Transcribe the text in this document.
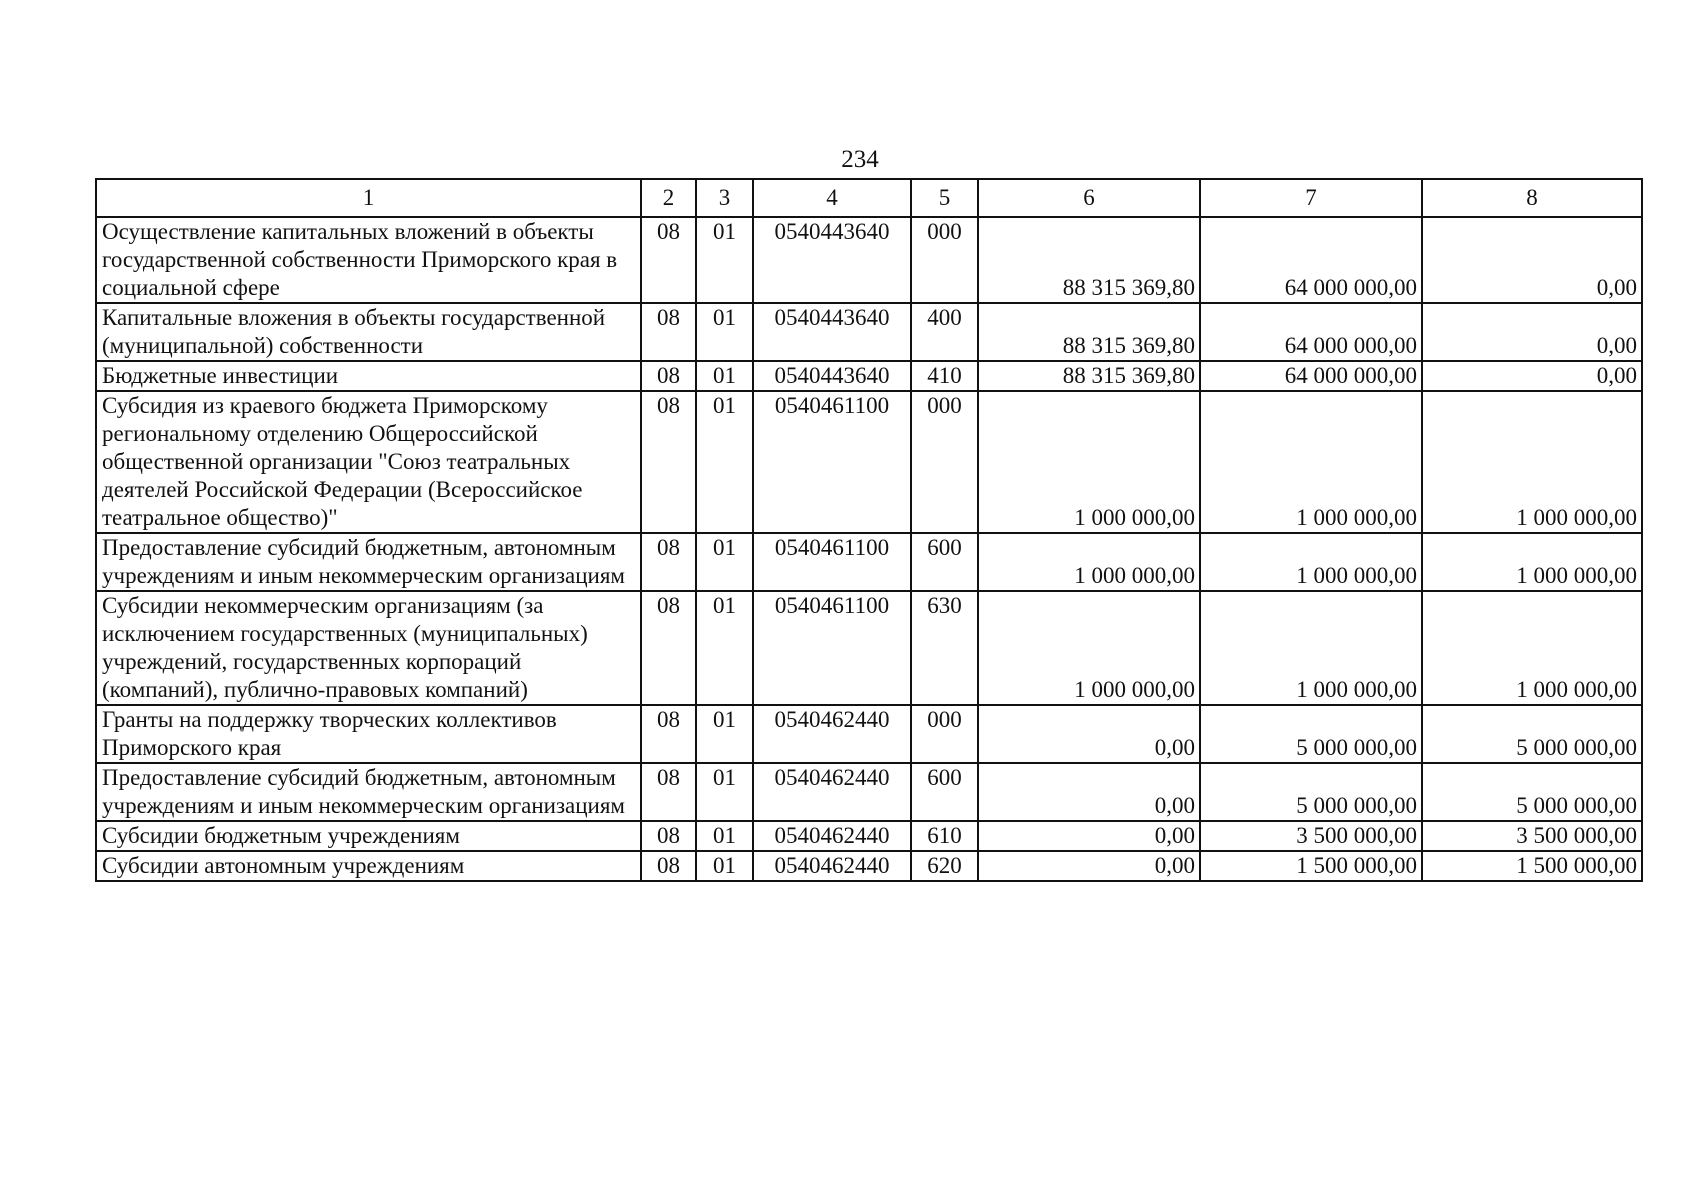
234
1	2	3	4	5	6	7	8
Осуществление капитальных вложений в объекты государственной собственности Приморского края в социальной сфере	08	01	0540443640	000	88 315 369,80	64 000 000,00	0,00
Капитальные вложения в объекты государственной (муниципальной) собственности	08	01	0540443640	400	88 315 369,80	64 000 000,00	0,00
Бюджетные инвестиции	08	01	0540443640	410	88 315 369,80	64 000 000,00	0,00
Субсидия из краевого бюджета Приморскому региональному отделению Общероссийской общественной организации "Союз театральных деятелей Российской Федерации (Всероссийское театральное общество)"	08	01	0540461100	000	1 000 000,00	1 000 000,00	1 000 000,00
Предоставление субсидий бюджетным, автономным учреждениям и иным некоммерческим организациям	08	01	0540461100	600	1 000 000,00	1 000 000,00	1 000 000,00
Субсидии некоммерческим организациям (за исключением государственных (муниципальных) учреждений, государственных корпораций (компаний), публично-правовых компаний)	08	01	0540461100	630	1 000 000,00	1 000 000,00	1 000 000,00
Гранты на поддержку творческих коллективов Приморского края	08	01	0540462440	000	0,00	5 000 000,00	5 000 000,00
Предоставление субсидий бюджетным, автономным учреждениям и иным некоммерческим организациям	08	01	0540462440	600	0,00	5 000 000,00	5 000 000,00
Субсидии бюджетным учреждениям	08	01	0540462440	610	0,00	3 500 000,00	3 500 000,00
Субсидии автономным учреждениям	08	01	0540462440	620	0,00	1 500 000,00	1 500 000,00
